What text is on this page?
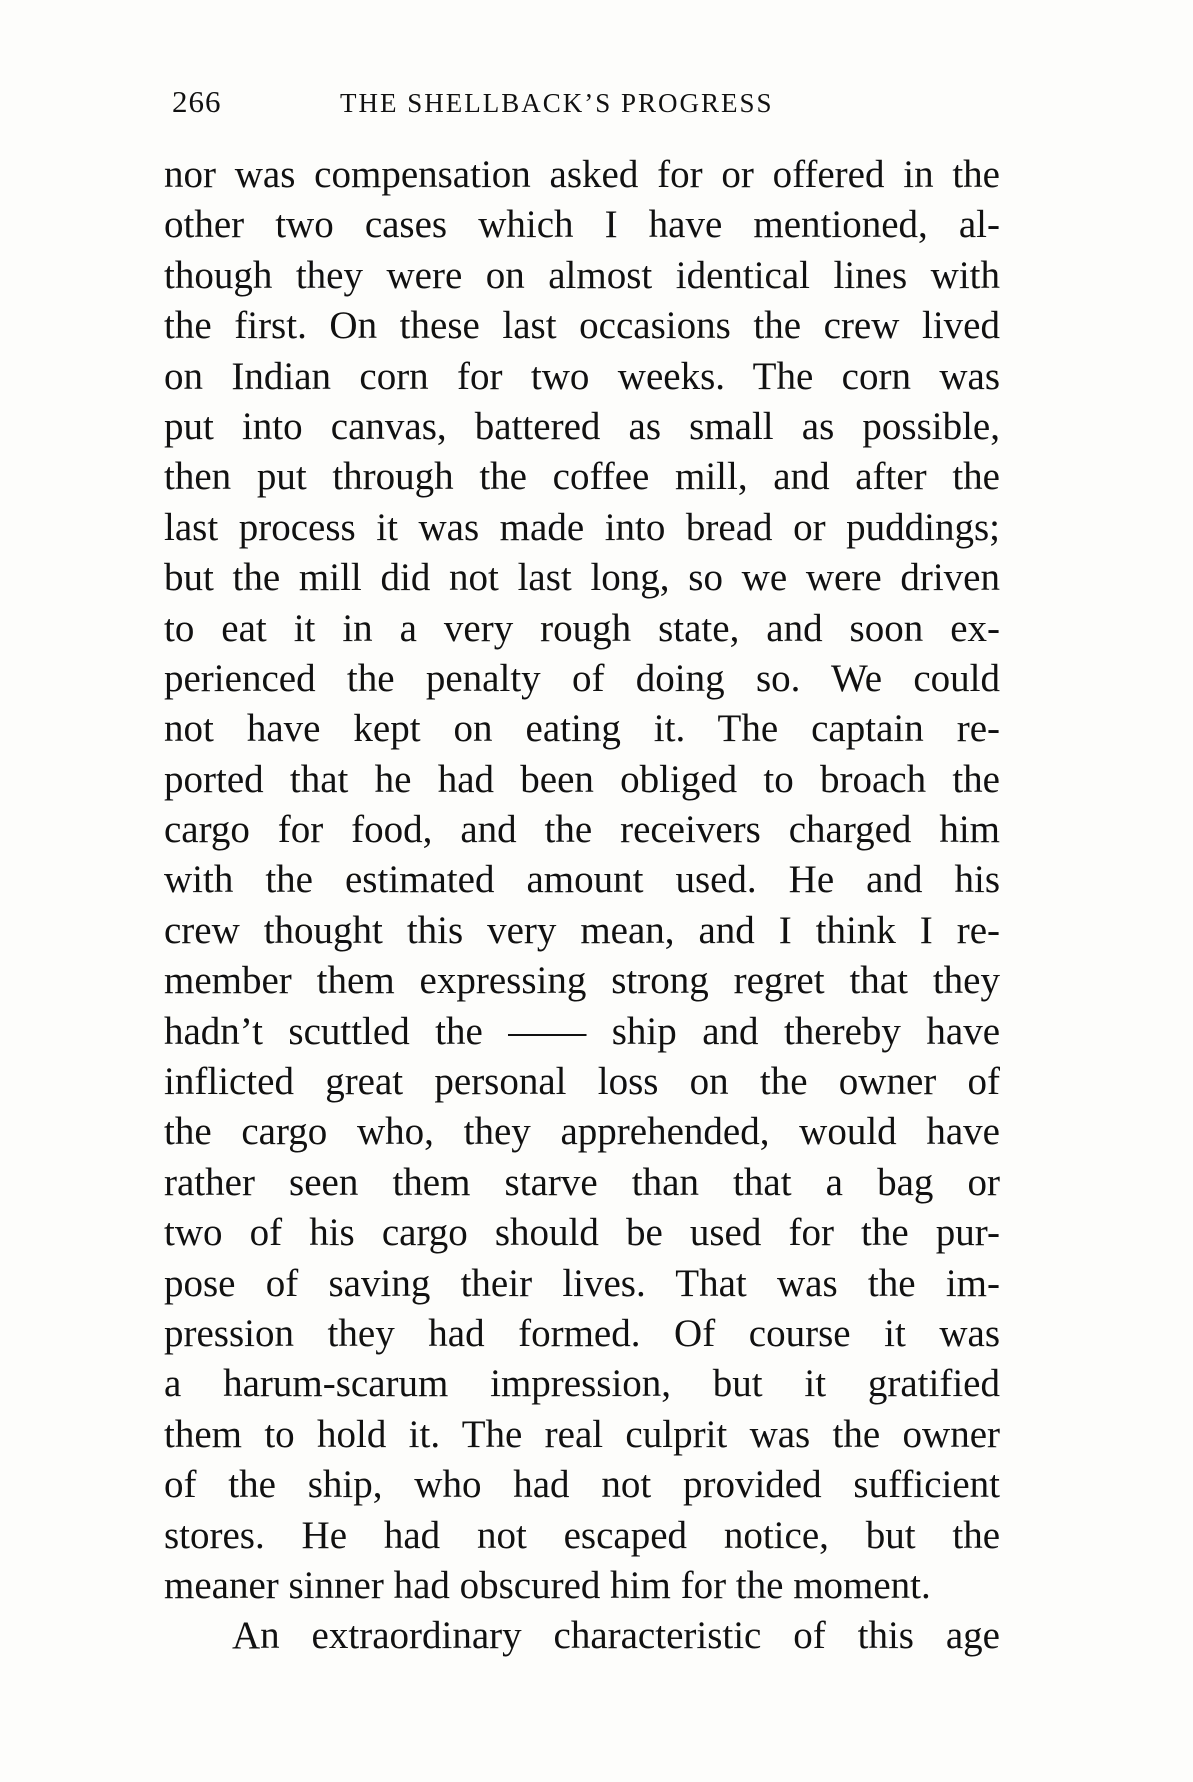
266	THE SHELLBACK’S PROGRESS
nor was compensation asked for or offered in the
other two cases which I have mentioned, al-
though they were on almost identical lines with
the first. On these last occasions the crew lived
on Indian corn for two weeks. The corn was
put into canvas, battered as small as possible,
then put through the coffee mill, and after the
last process it was made into bread or puddings;
but the mill did not last long, so we were driven
to eat it in a very rough state, and soon ex-
perienced the penalty of doing so. We could
not have kept on eating it. The captain re-
ported that he had been obliged to broach the
cargo for food, and the receivers charged him
with the estimated amount used. He and his
crew thought this very mean, and I think I re-
member them expressing strong regret that they
hadn’t scuttled the —— ship and thereby have
inflicted great personal loss on the owner of
the cargo who, they apprehended, would have
rather seen them starve than that a bag or
two of his cargo should be used for the pur-
pose of saving their lives. That was the im-
pression they had formed. Of course it was
a harum-scarum impression, but it gratified
them to hold it. The real culprit was the owner
of the ship, who had not provided sufficient
stores. He had not escaped notice, but the
meaner sinner had obscured him for the moment.
An extraordinary characteristic of this age
